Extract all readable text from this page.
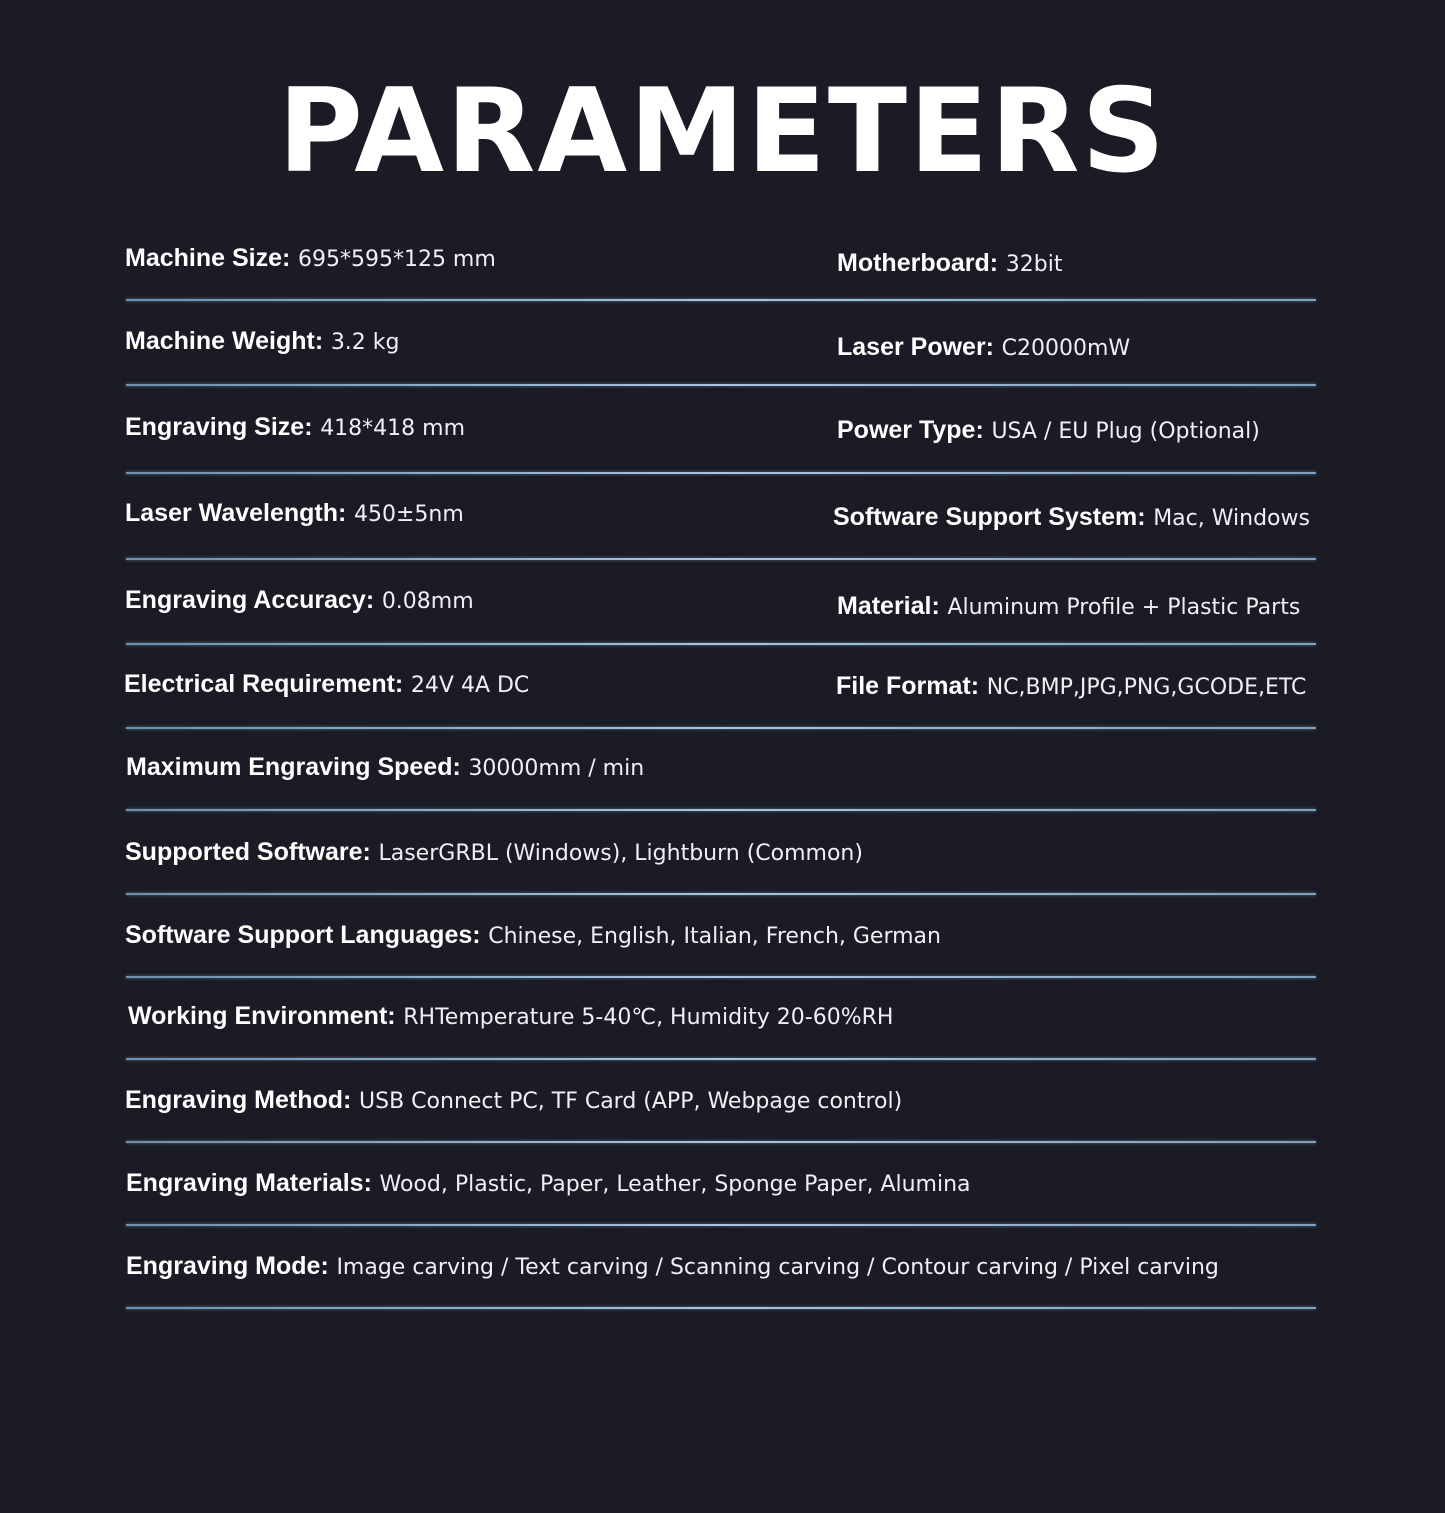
PARAMETERS
Machine Size: 695*595*125 mm	Motherboard: 32bit
Machine Weight: 3.2 kg	Laser Power: C20000mW
Engraving Size: 418*418 mm	Power Type: USA / EU Plug (Optional)
Laser Wavelength: 450±5nm	Software Support System: Mac, Windows
Engraving Accuracy: 0.08mm	Material: Aluminum Profile + Plastic Parts
Electrical Requirement: 24V 4A DC	File Format: NC,BMP,JPG,PNG,GCODE,ETC
Maximum Engraving Speed: 30000mm / min
Supported Software: LaserGRBL (Windows), Lightburn (Common)
Software Support Languages: Chinese, English, Italian, French, German
Working Environment: RHTemperature 5-40℃, Humidity 20-60%RH
Engraving Method: USB Connect PC, TF Card (APP, Webpage control)
Engraving Materials: Wood, Plastic, Paper, Leather, Sponge Paper, Alumina
Engraving Mode: Image carving / Text carving / Scanning carving / Contour carving / Pixel carving
